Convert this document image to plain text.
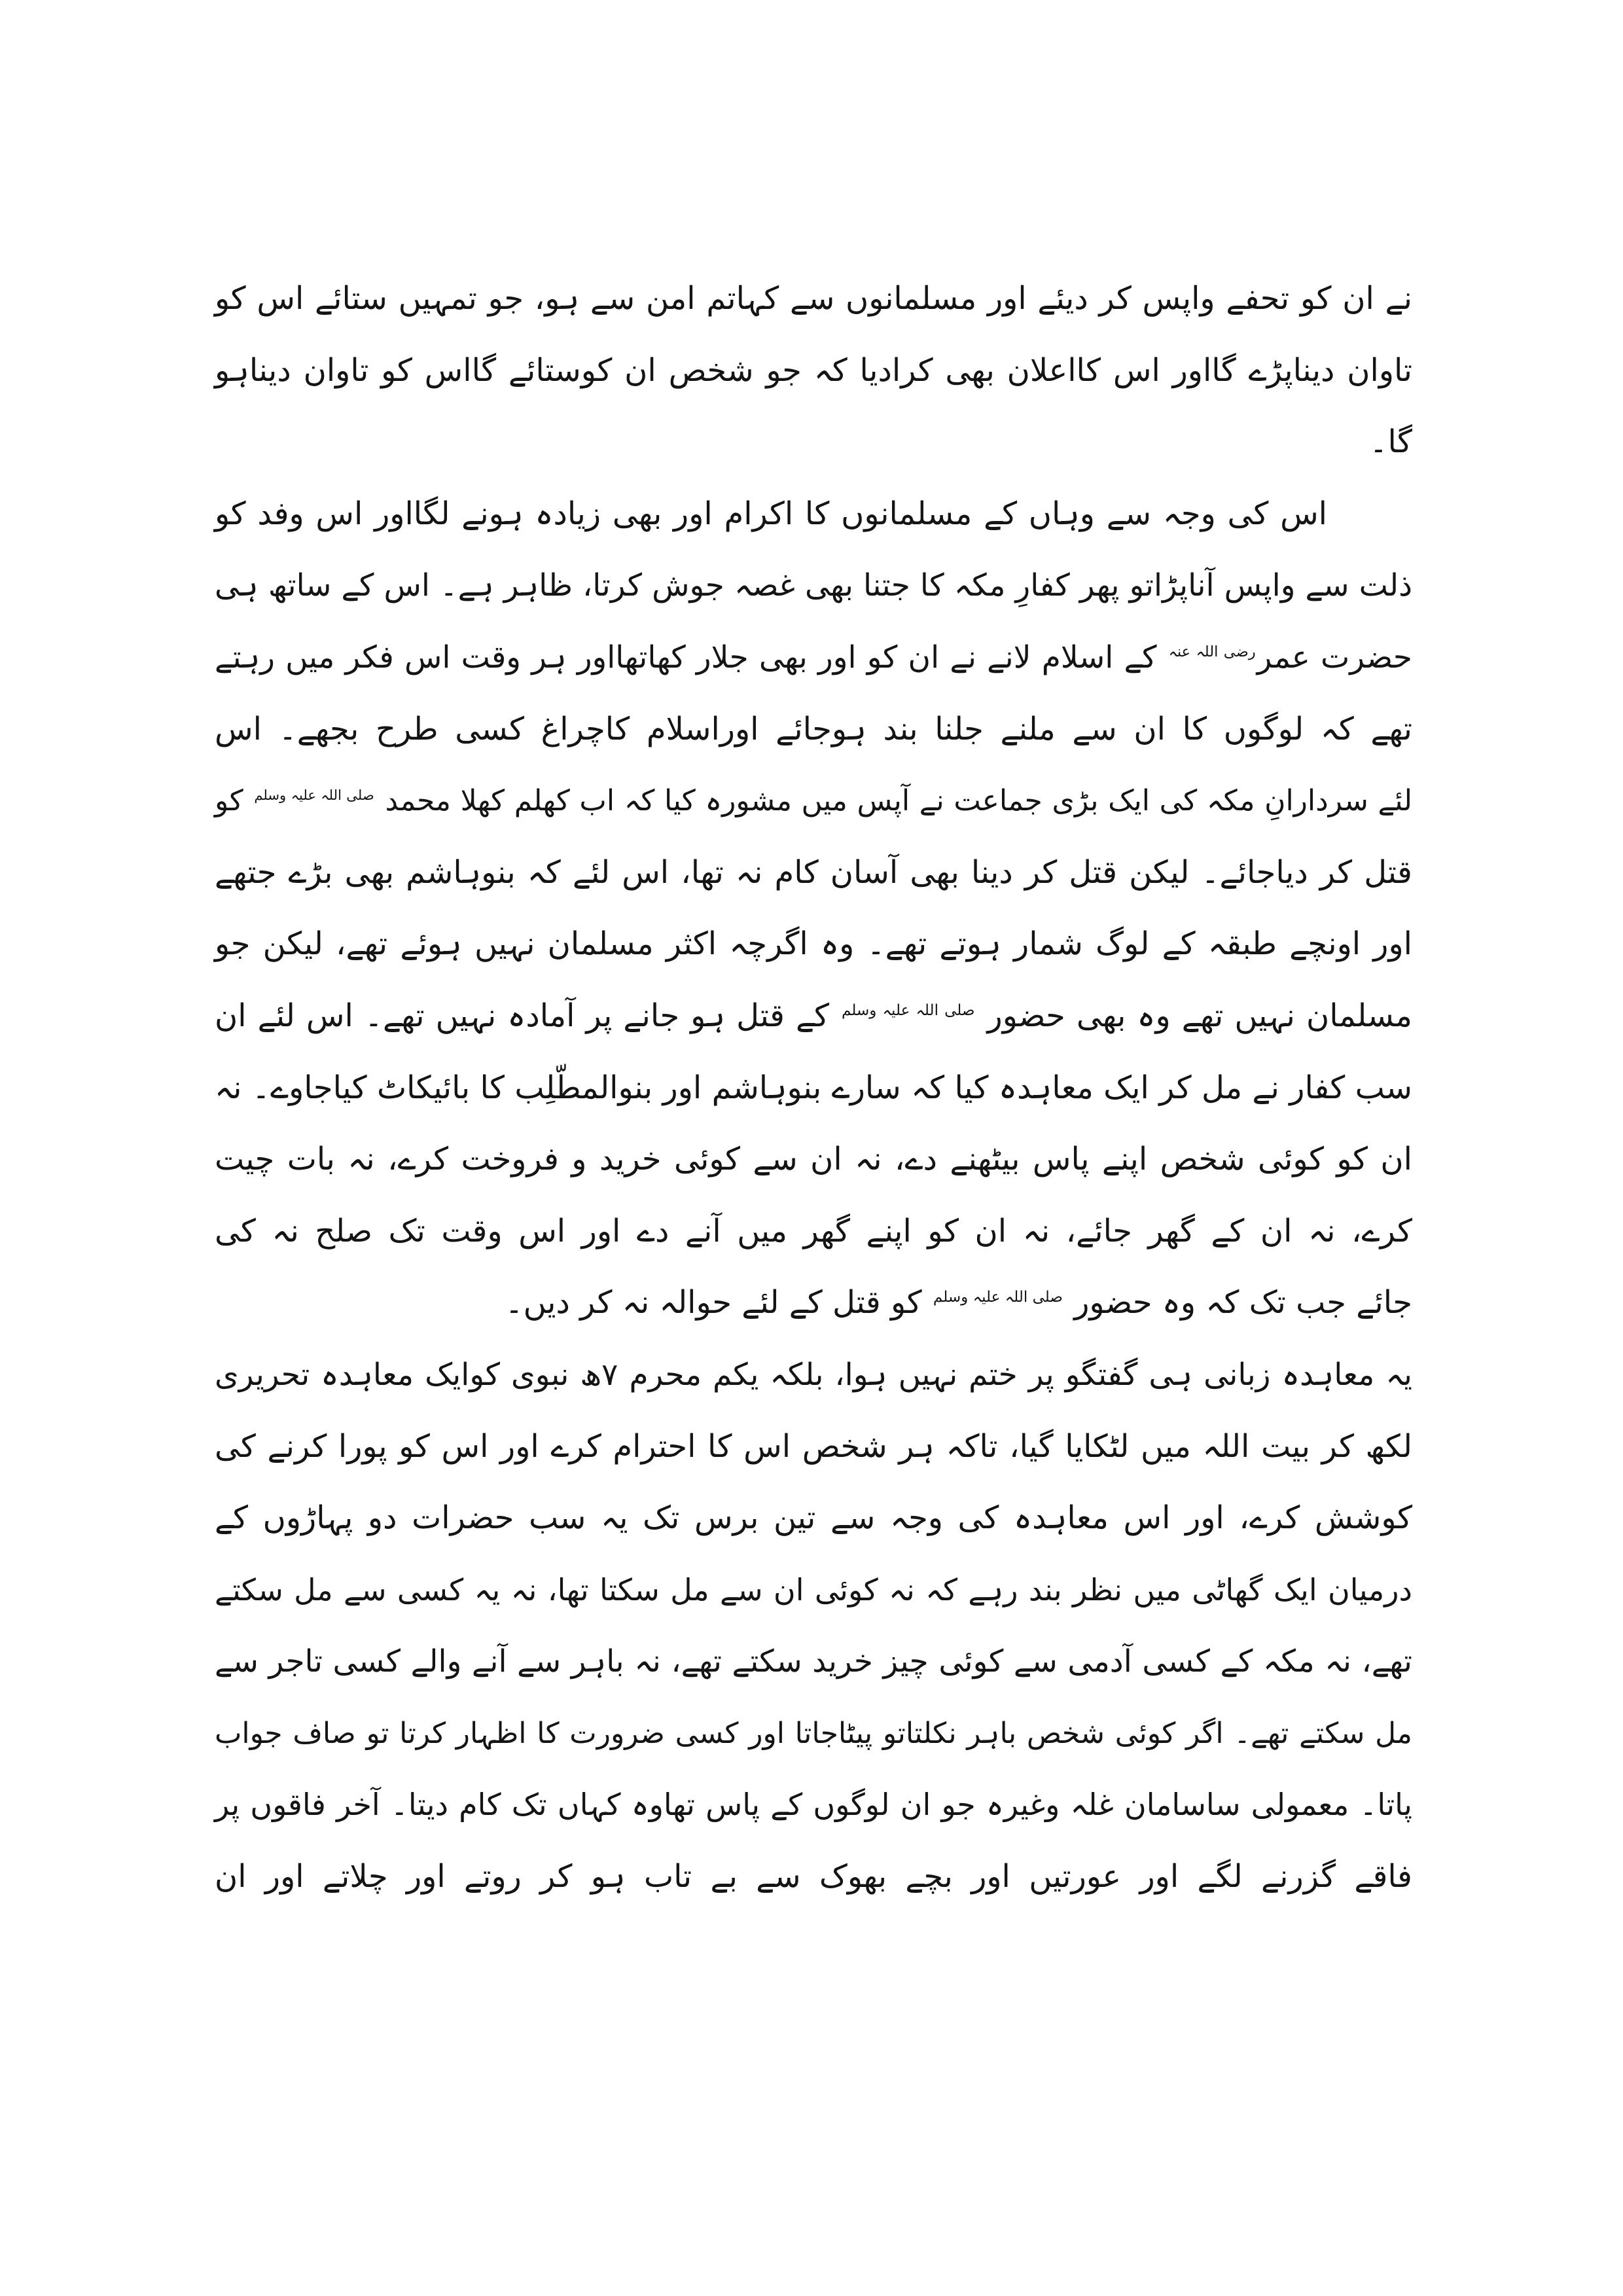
نے ان کو تحفے واپس کر دیئے اور مسلمانوں سے کہاتم امن سے ہو، جو تمہیں ستائے اس کو
تاوان دیناپڑے گااور اس کااعلان بھی کرادیا کہ جو شخص ان کوستائے گااس کو تاوان دیناہو
گا۔
اس کی وجہ سے وہاں کے مسلمانوں کا اکرام اور بھی زیادہ ہونے لگااور اس وفد کو
ذلت سے واپس آناپڑاتو پھر کفارِ مکہ کا جتنا بھی غصہ جوش کرتا، ظاہر ہے۔ اس کے ساتھ ہی
حضرت عمر$^{رضی اللہ عنہ}$ کے اسلام لانے نے ان کو اور بھی جلار کھاتھااور ہر وقت اس فکر میں رہتے
تھے کہ لوگوں کا ان سے ملنے جلنا بند ہوجائے اوراسلام کاچراغ کسی طرح بجھے۔ اس
لئے سردارانِ مکہ کی ایک بڑی جماعت نے آپس میں مشورہ کیا کہ اب کھلم کھلا محمد $^{صلی اللہ علیہ وسلم}$ کو
قتل کر دیاجائے۔ لیکن قتل کر دینا بھی آسان کام نہ تھا، اس لئے کہ بنوہاشم بھی بڑے جتھے
اور اونچے طبقہ کے لوگ شمار ہوتے تھے۔ وہ اگرچہ اکثر مسلمان نہیں ہوئے تھے، لیکن جو
مسلمان نہیں تھے وہ بھی حضور $^{صلی اللہ علیہ وسلم}$ کے قتل ہو جانے پر آمادہ نہیں تھے۔ اس لئے ان
سب کفار نے مل کر ایک معاہدہ کیا کہ سارے بنوہاشم اور بنوالمطّلِب کا بائیکاٹ کیاجاوے۔ نہ
ان کو کوئی شخص اپنے پاس بیٹھنے دے، نہ ان سے کوئی خرید و فروخت کرے، نہ بات چیت
کرے، نہ ان کے گھر جائے، نہ ان کو اپنے گھر میں آنے دے اور اس وقت تک صلح نہ کی
جائے جب تک کہ وہ حضور $^{صلی اللہ علیہ وسلم}$ کو قتل کے لئے حوالہ نہ کر دیں۔
یہ معاہدہ زبانی ہی گفتگو پر ختم نہیں ہوا، بلکہ یکم محرم ۷ھ نبوی کوایک معاہدہ تحریری
لکھ کر بیت اللہ میں لٹکایا گیا، تاکہ ہر شخص اس کا احترام کرے اور اس کو پورا کرنے کی
کوشش کرے، اور اس معاہدہ کی وجہ سے تین برس تک یہ سب حضرات دو پہاڑوں کے
درمیان ایک گھاٹی میں نظر بند رہے کہ نہ کوئی ان سے مل سکتا تھا، نہ یہ کسی سے مل سکتے
تھے، نہ مکہ کے کسی آدمی سے کوئی چیز خرید سکتے تھے، نہ باہر سے آنے والے کسی تاجر سے
مل سکتے تھے۔ اگر کوئی شخص باہر نکلتاتو پیٹاجاتا اور کسی ضرورت کا اظہار کرتا تو صاف جواب
پاتا۔ معمولی ساسامان غلہ وغیرہ جو ان لوگوں کے پاس تھاوہ کہاں تک کام دیتا۔ آخر فاقوں پر
فاقے گزرنے لگے اور عورتیں اور بچے بھوک سے بے تاب ہو کر روتے اور چلاتے اور ان
